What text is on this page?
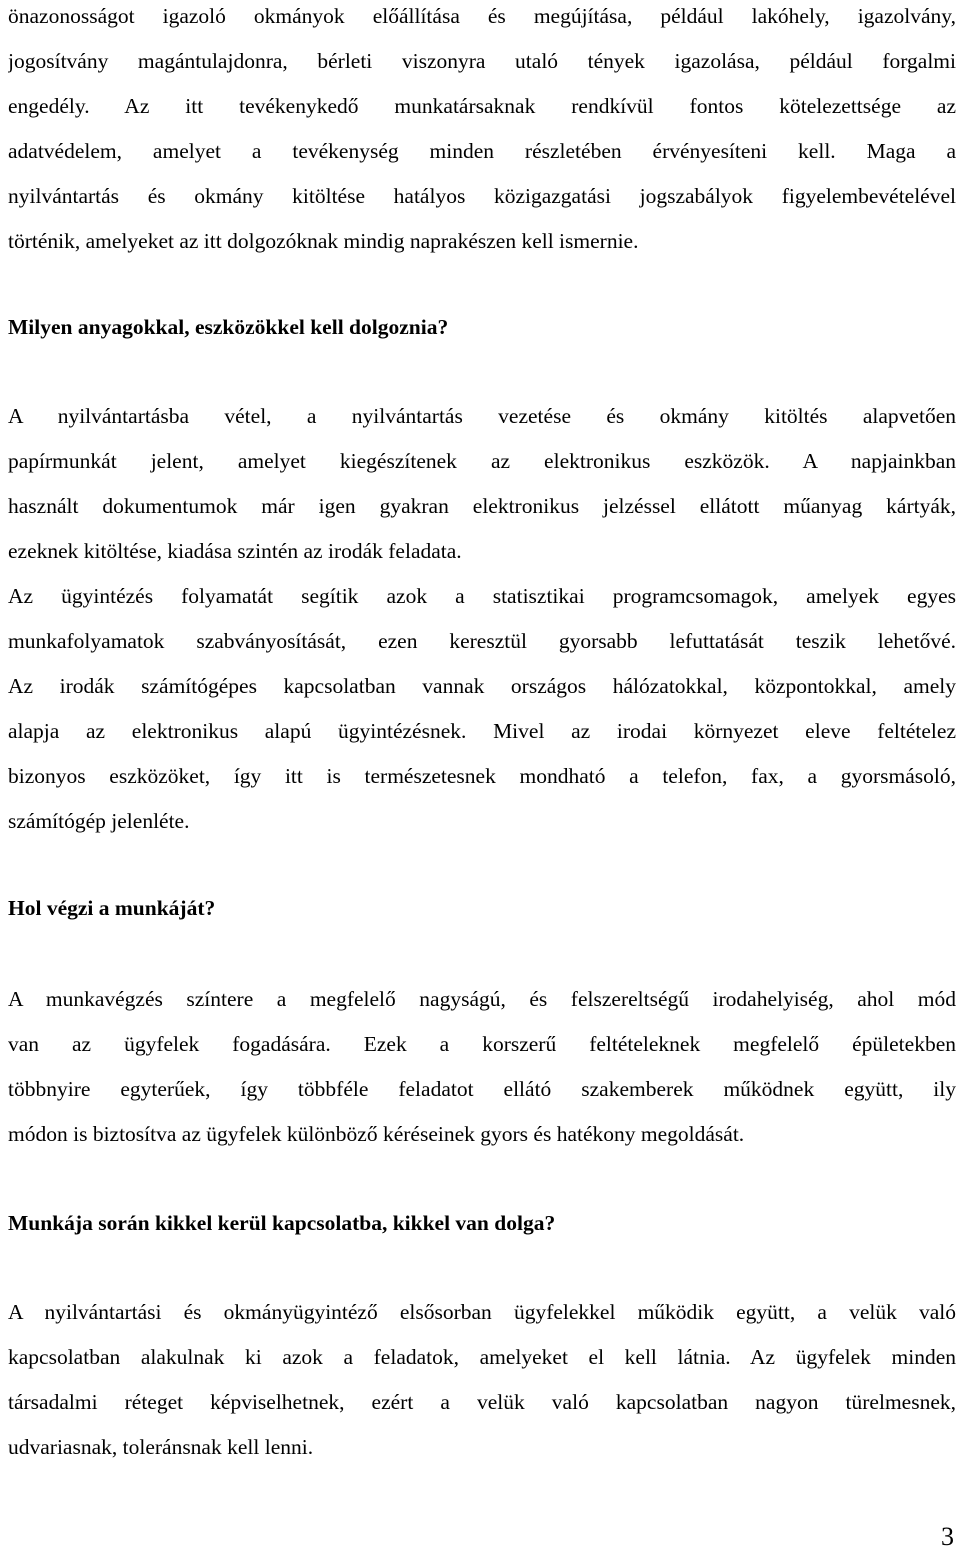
önazonosságot igazoló okmányok előállítása és megújítása, például lakóhely, igazolvány,
jogosítvány magántulajdonra, bérleti viszonyra utaló tények igazolása, például forgalmi
engedély. Az itt tevékenykedő munkatársaknak rendkívül fontos kötelezettsége az
adatvédelem, amelyet a tevékenység minden részletében érvényesíteni kell. Maga a
nyilvántartás és okmány kitöltése hatályos közigazgatási jogszabályok figyelembevételével
történik, amelyeket az itt dolgozóknak mindig naprakészen kell ismernie.
Milyen anyagokkal, eszközökkel kell dolgoznia?
A nyilvántartásba vétel, a nyilvántartás vezetése és okmány kitöltés alapvetően
papírmunkát jelent, amelyet kiegészítenek az elektronikus eszközök. A napjainkban
használt dokumentumok már igen gyakran elektronikus jelzéssel ellátott műanyag kártyák,
ezeknek kitöltése, kiadása szintén az irodák feladata.
Az ügyintézés folyamatát segítik azok a statisztikai programcsomagok, amelyek egyes
munkafolyamatok szabványosítását, ezen keresztül gyorsabb lefuttatását teszik lehetővé.
Az irodák számítógépes kapcsolatban vannak országos hálózatokkal, központokkal, amely
alapja az elektronikus alapú ügyintézésnek. Mivel az irodai környezet eleve feltételez
bizonyos eszközöket, így itt is természetesnek mondható a telefon, fax, a gyorsmásoló,
számítógép jelenléte.
Hol végzi a munkáját?
A munkavégzés színtere a megfelelő nagyságú, és felszereltségű irodahelyiség, ahol mód
van az ügyfelek fogadására. Ezek a korszerű feltételeknek megfelelő épületekben
többnyire egyterűek, így többféle feladatot ellátó szakemberek működnek együtt, ily
módon is biztosítva az ügyfelek különböző kéréseinek gyors és hatékony megoldását.
Munkája során kikkel kerül kapcsolatba, kikkel van dolga?
A nyilvántartási és okmányügyintéző elsősorban ügyfelekkel működik együtt, a velük való
kapcsolatban alakulnak ki azok a feladatok, amelyeket el kell látnia. Az ügyfelek minden
társadalmi réteget képviselhetnek, ezért a velük való kapcsolatban nagyon türelmesnek,
udvariasnak, toleránsnak kell lenni.
3
